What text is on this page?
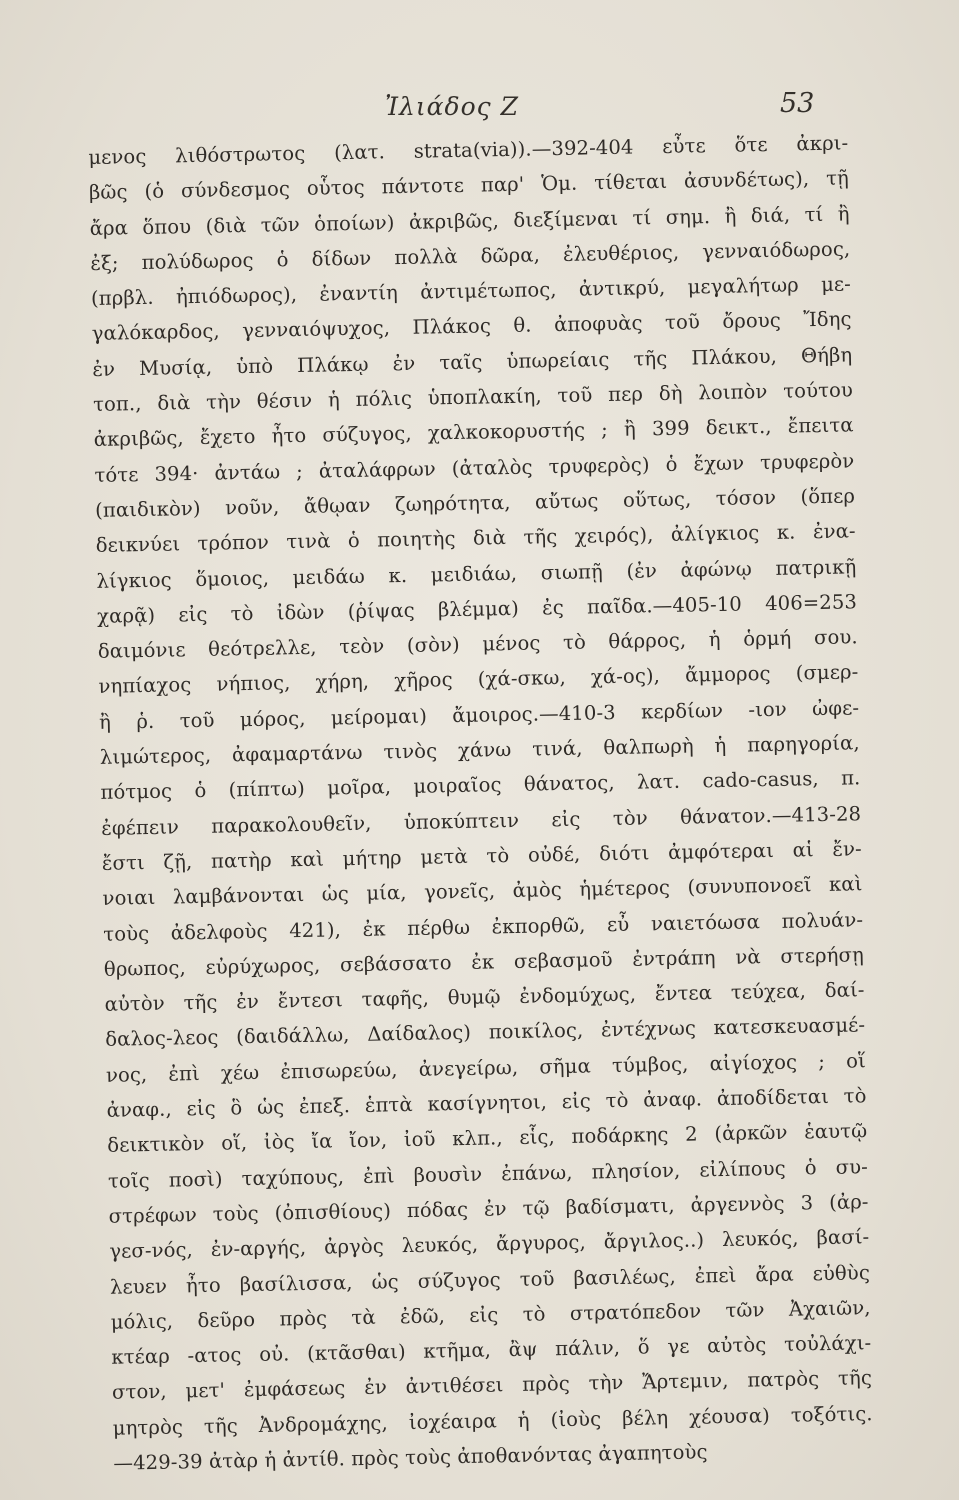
Ἰλιάδος Ζ	53
μενος λιθόστρωτος (λατ. strata(via)).—392-404 εὖτε ὅτε ἀκρι-
βῶς (ὁ σύνδεσμος οὗτος πάντοτε παρ' Ὁμ. τίθεται ἀσυνδέτως), τῇ
ἄρα ὅπου (διὰ τῶν ὁποίων) ἀκριβῶς, διεξίμεναι τί σημ. ἢ διά, τί ἢ
ἐξ; πολύδωρος ὁ δίδων πολλὰ δῶρα, ἐλευθέριος, γενναιόδωρος,
(πρβλ. ἠπιόδωρος), ἐναντίη ἀντιμέτωπος, ἀντικρύ, μεγαλήτωρ με-
γαλόκαρδος, γενναιόψυχος, Πλάκος θ. ἀποφυὰς τοῦ ὄρους Ἴδης
ἐν Μυσίᾳ, ὑπὸ Πλάκῳ ἐν ταῖς ὑπωρείαις τῆς Πλάκου, Θήβη
τοπ., διὰ τὴν θέσιν ἡ πόλις ὑποπλακίη, τοῦ περ δὴ λοιπὸν τούτου
ἀκριβῶς, ἔχετο ἦτο σύζυγος, χαλκοκορυστής ; ἢ 399 δεικτ., ἔπειτα
τότε 394· ἀντάω ; ἀταλάφρων (ἀταλὸς τρυφερὸς) ὁ ἔχων τρυφερὸν
(παιδικὸν) νοῦν, ἄθῳαν ζωηρότητα, αὔτως οὕτως, τόσον (ὅπερ
δεικνύει τρόπον τινὰ ὁ ποιητὴς διὰ τῆς χειρός), ἀλίγκιος κ. ἐνα-
λίγκιος ὅμοιος, μειδάω κ. μειδιάω, σιωπῇ (ἐν ἀφώνῳ πατρικῇ
χαρᾷ) εἰς τὸ ἰδὼν (ῥίψας βλέμμα) ἐς παῖδα.—405-10 406=253
δαιμόνιε θεότρελλε, τεὸν (σὸν) μένος τὸ θάρρος, ἡ ὁρμή σου.
νηπίαχος νήπιος, χήρη, χῆρος (χά-σκω, χά-ος), ἄμμορος (σμερ-
ἢ ῥ. τοῦ μόρος, μείρομαι) ἄμοιρος.—410-3 κερδίων -ιον ὠφε-
λιμώτερος, ἀφαμαρτάνω τινὸς χάνω τινά, θαλπωρὴ ἡ παρηγορία,
πότμος ὁ (πίπτω) μοῖρα, μοιραῖος θάνατος, λατ. cado-casus, π.
ἐφέπειν παρακολουθεῖν, ὑποκύπτειν εἰς τὸν θάνατον.—413-28
ἔστι ζῇ, πατὴρ καὶ μήτηρ μετὰ τὸ οὐδέ, διότι ἀμφότεραι αἱ ἔν-
νοιαι λαμβάνονται ὡς μία, γονεῖς, ἀμὸς ἡμέτερος (συνυπονοεῖ καὶ
τοὺς ἀδελφοὺς 421), ἐκ πέρθω ἐκπορθῶ, εὖ ναιετόωσα πολυάν-
θρωπος, εὐρύχωρος, σεβάσσατο ἐκ σεβασμοῦ ἐντράπη νὰ στερήσῃ
αὐτὸν τῆς ἐν ἔντεσι ταφῆς, θυμῷ ἐνδομύχως, ἔντεα τεύχεα, δαί-
δαλος-λεος (δαιδάλλω, Δαίδαλος) ποικίλος, ἐντέχνως κατεσκευασμέ-
νος, ἐπὶ χέω ἐπισωρεύω, ἀνεγείρω, σῆμα τύμβος, αἰγίοχος ; οἵ
ἀναφ., εἰς ὃ ὡς ἐπεξ. ἑπτὰ κασίγνητοι, εἰς τὸ ἀναφ. ἀποδίδεται τὸ
δεικτικὸν οἵ, ἰὸς ἴα ἴον, ἰοῦ κλπ., εἷς, ποδάρκης 2 (ἀρκῶν ἑαυτῷ
τοῖς ποσὶ) ταχύπους, ἐπὶ βουσὶν ἐπάνω, πλησίον, εἰλίπους ὁ συ-
στρέφων τοὺς (ὀπισθίους) πόδας ἐν τῷ βαδίσματι, ἀργεννὸς 3 (ἀρ-
γεσ-νός, ἐν-αργής, ἀργὸς λευκός, ἄργυρος, ἄργιλος..) λευκός, βασί-
λευεν ἦτο βασίλισσα, ὡς σύζυγος τοῦ βασιλέως, ἐπεὶ ἄρα εὐθὺς
μόλις, δεῦρο πρὸς τὰ ἐδῶ, εἰς τὸ στρατόπεδον τῶν Ἀχαιῶν,
κτέαρ -ατος οὐ. (κτᾶσθαι) κτῆμα, ἂψ πάλιν, ὅ γε αὐτὸς τοὐλάχι-
στον, μετ' ἐμφάσεως ἐν ἀντιθέσει πρὸς τὴν Ἄρτεμιν, πατρὸς τῆς
μητρὸς τῆς Ἀνδρομάχης, ἰοχέαιρα ἡ (ἰοὺς βέλη χέουσα) τοξότις.
—429-39 ἀτὰρ ἡ ἀντίθ. πρὸς τοὺς ἀποθανόντας ἀγαπητοὺς
